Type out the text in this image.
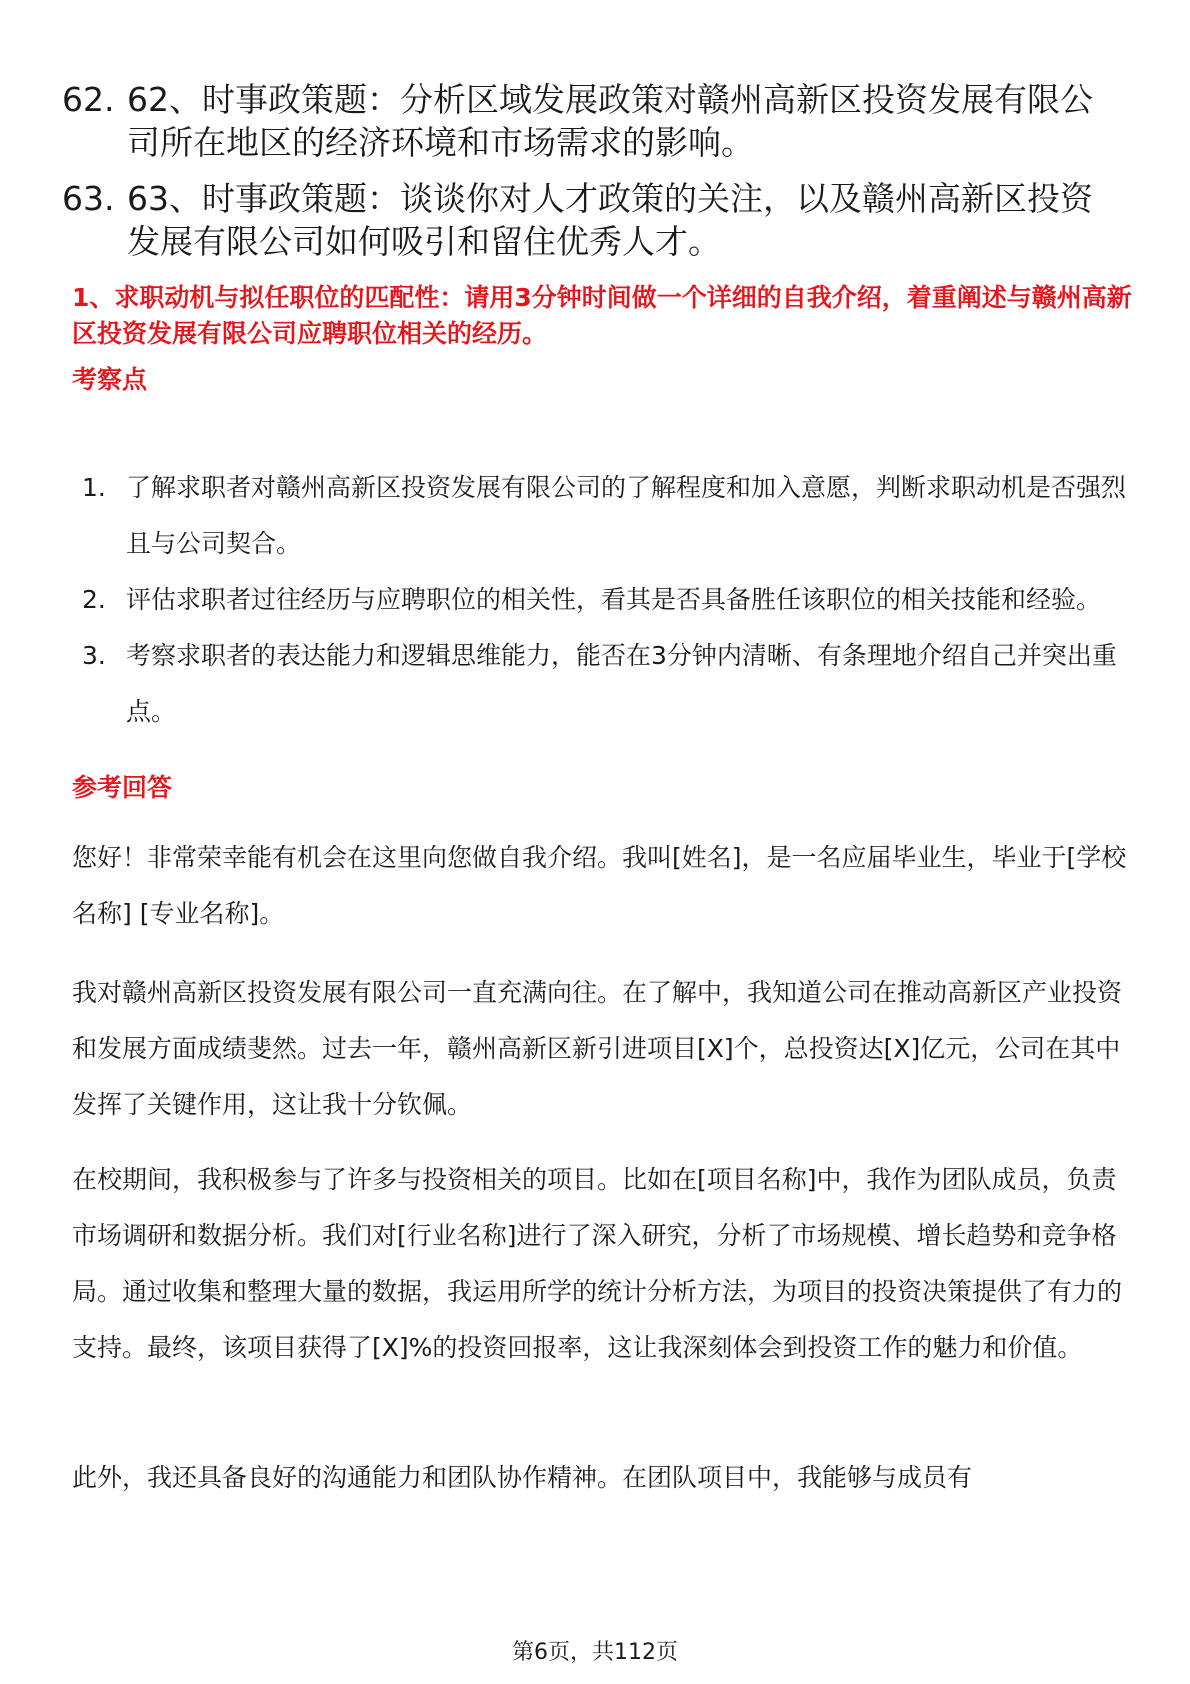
62. 62、时事政策题：分析区域发展政策对赣州高新区投资发展有限公司所在地区的经济环境和市场需求的影响。
63. 63、时事政策题：谈谈你对人才政策的关注，以及赣州高新区投资发展有限公司如何吸引和留住优秀人才。
1、求职动机与拟任职位的匹配性：请用3分钟时间做一个详细的自我介绍，着重阐述与赣州高新区投资发展有限公司应聘职位相关的经历。
考察点
1. 了解求职者对赣州高新区投资发展有限公司的了解程度和加入意愿，判断求职动机是否强烈且与公司契合。
2. 评估求职者过往经历与应聘职位的相关性，看其是否具备胜任该职位的相关技能和经验。
3. 考察求职者的表达能力和逻辑思维能力，能否在3分钟内清晰、有条理地介绍自己并突出重点。
参考回答

您好！非常荣幸能有机会在这里向您做自我介绍。我叫[姓名]，是一名应届毕业生，毕业于[学校名称] [专业名称]。

我对赣州高新区投资发展有限公司一直充满向往。在了解中，我知道公司在推动高新区产业投资和发展方面成绩斐然。过去一年，赣州高新区新引进项目[X]个，总投资达[X]亿元，公司在其中发挥了关键作用，这让我十分钦佩。

在校期间，我积极参与了许多与投资相关的项目。比如在[项目名称]中，我作为团队成员，负责市场调研和数据分析。我们对[行业名称]进行了深入研究，分析了市场规模、增长趋势和竞争格局。通过收集和整理大量的数据，我运用所学的统计分析方法，为项目的投资决策提供了有力的支持。最终，该项目获得了[X]%的投资回报率，这让我深刻体会到投资工作的魅力和价值。

此外，我还具备良好的沟通能力和团队协作精神。在团队项目中，我能够与成员有

第6页，共112页
